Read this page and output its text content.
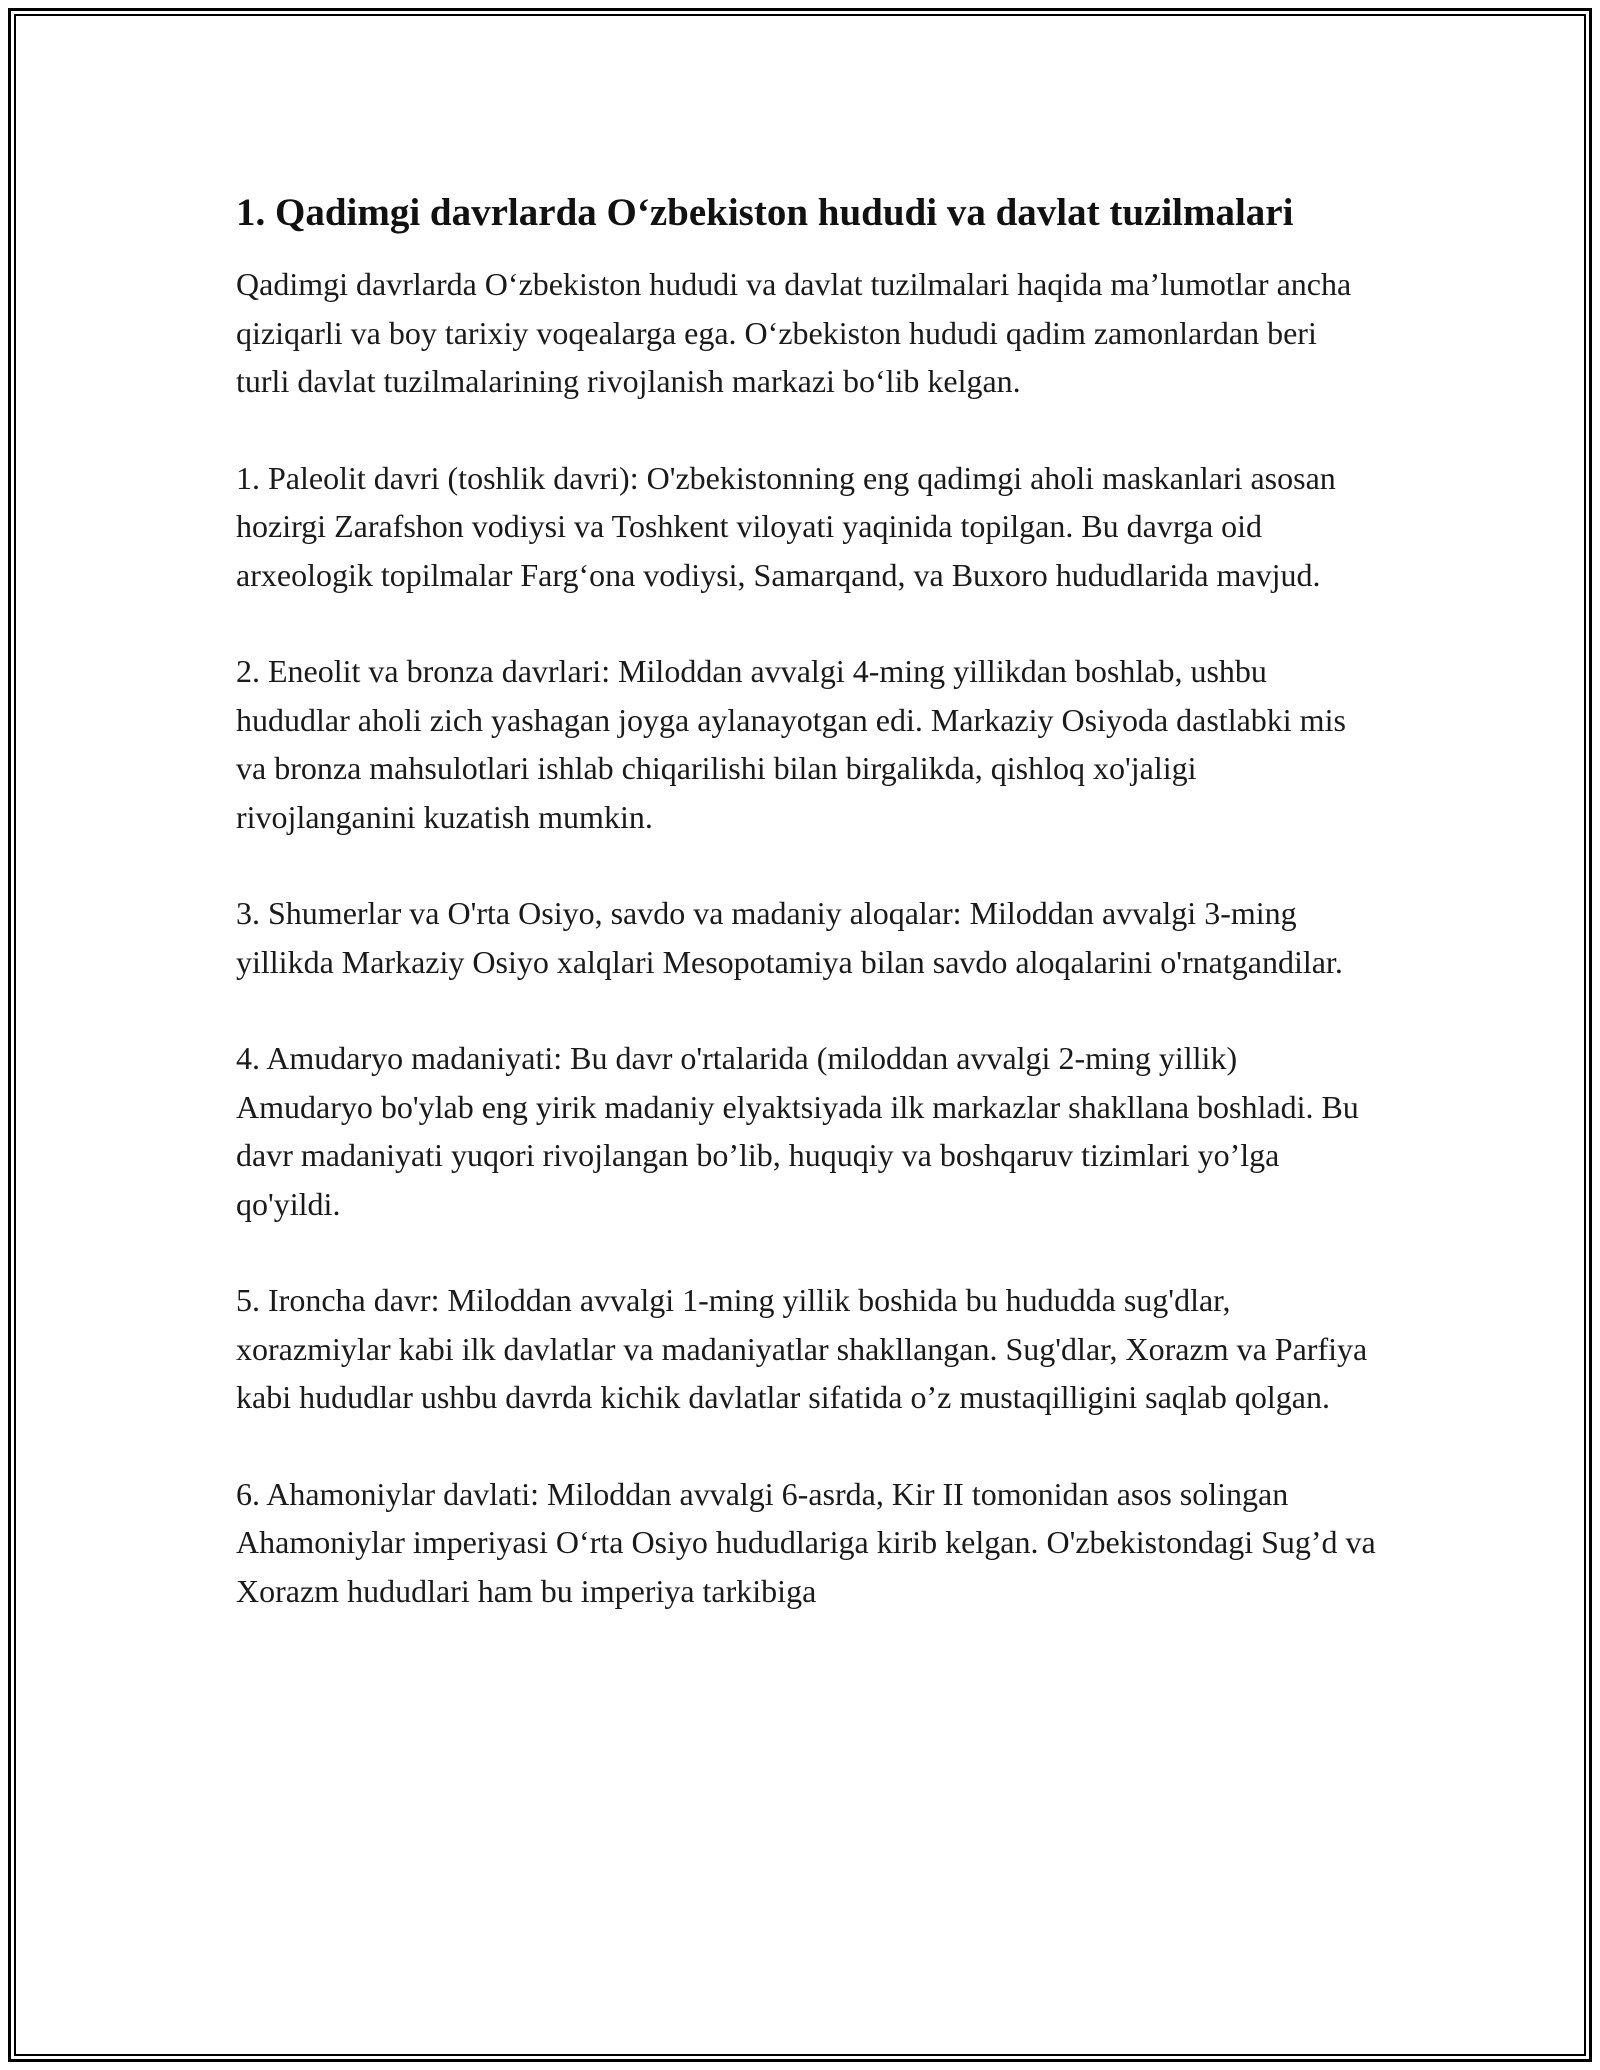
1. Qadimgi davrlarda O‘zbekiston hududi va davlat tuzilmalari

Qadimgi davrlarda O‘zbekiston hududi va davlat tuzilmalari haqida ma’lumotlar ancha qiziqarli va boy tarixiy voqealarga ega. O‘zbekiston hududi qadim zamonlardan beri turli davlat tuzilmalarining rivojlanish markazi bo‘lib kelgan.

1. Paleolit davri (toshlik davri): O'zbekistonning eng qadimgi aholi maskanlari asosan hozirgi Zarafshon vodiysi va Toshkent viloyati yaqinida topilgan. Bu davrga oid arxeologik topilmalar Farg‘ona vodiysi, Samarqand, va Buxoro hududlarida mavjud.

2. Eneolit va bronza davrlari: Miloddan avvalgi 4-ming yillikdan boshlab, ushbu hududlar aholi zich yashagan joyga aylanayotgan edi. Markaziy Osiyoda dastlabki mis va bronza mahsulotlari ishlab chiqarilishi bilan birgalikda, qishloq xo'jaligi rivojlanganini kuzatish mumkin.

3. Shumerlar va O'rta Osiyo, savdo va madaniy aloqalar: Miloddan avvalgi 3-ming yillikda Markaziy Osiyo xalqlari Mesopotamiya bilan savdo aloqalarini o'rnatgandilar.

4. Amudaryo madaniyati: Bu davr o'rtalarida (miloddan avvalgi 2-ming yillik) Amudaryo bo'ylab eng yirik madaniy elyaktsiyada ilk markazlar shakllana boshladi. Bu davr madaniyati yuqori rivojlangan bo’lib, huquqiy va boshqaruv tizimlari yo’lga qo'yildi.

5. Ironcha davr: Miloddan avvalgi 1-ming yillik boshida bu hududda sug'dlar, xorazmiylar kabi ilk davlatlar va madaniyatlar shakllangan. Sug'dlar, Xorazm va Parfiya kabi hududlar ushbu davrda kichik davlatlar sifatida o’z mustaqilligini saqlab qolgan.

6. Ahamoniylar davlati: Miloddan avvalgi 6-asrda, Kir II tomonidan asos solingan Ahamoniylar imperiyasi O‘rta Osiyo hududlariga kirib kelgan. O'zbekistondagi Sug’d va Xorazm hududlari ham bu imperiya tarkibiga
